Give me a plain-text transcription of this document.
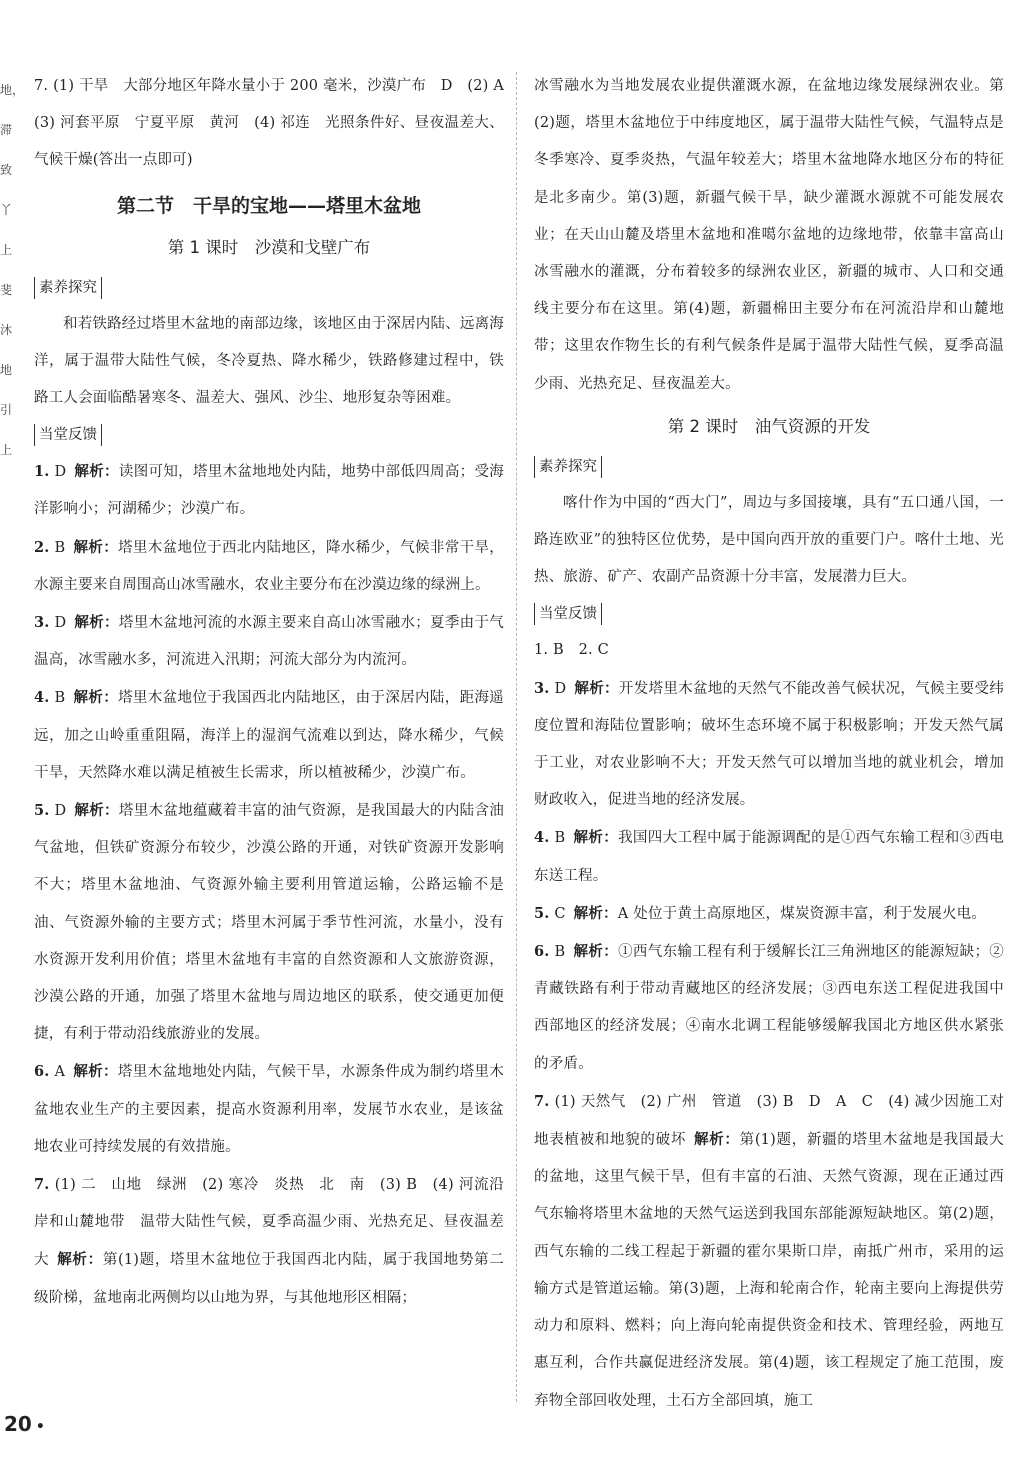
地，滞致丫上斐 沐地 引 上

7. (1) 干旱　大部分地区年降水量小于 200 毫米，沙漠广布　D　(2) A　(3) 河套平原　宁夏平原　黄河　(4) 祁连　光照条件好、昼夜温差大、气候干燥(答出一点即可)

第二节　干旱的宝地——塔里木盆地
第 1 课时　沙漠和戈壁广布
素养探究

和若铁路经过塔里木盆地的南部边缘，该地区由于深居内陆、远离海洋，属于温带大陆性气候，冬冷夏热、降水稀少，铁路修建过程中，铁路工人会面临酷暑寒冬、温差大、强风、沙尘、地形复杂等困难。

当堂反馈

1. D 解析：读图可知，塔里木盆地地处内陆，地势中部低四周高；受海洋影响小；河湖稀少；沙漠广布。

2. B 解析：塔里木盆地位于西北内陆地区，降水稀少，气候非常干旱，水源主要来自周围高山冰雪融水，农业主要分布在沙漠边缘的绿洲上。

3. D 解析：塔里木盆地河流的水源主要来自高山冰雪融水；夏季由于气温高，冰雪融水多，河流进入汛期；河流大部分为内流河。

4. B 解析：塔里木盆地位于我国西北内陆地区，由于深居内陆，距海遥远，加之山岭重重阻隔，海洋上的湿润气流难以到达，降水稀少，气候干旱，天然降水难以满足植被生长需求，所以植被稀少，沙漠广布。

5. D 解析：塔里木盆地蕴藏着丰富的油气资源，是我国最大的内陆含油气盆地，但铁矿资源分布较少，沙漠公路的开通，对铁矿资源开发影响不大；塔里木盆地油、气资源外输主要利用管道运输，公路运输不是油、气资源外输的主要方式；塔里木河属于季节性河流，水量小，没有水资源开发利用价值；塔里木盆地有丰富的自然资源和人文旅游资源，沙漠公路的开通，加强了塔里木盆地与周边地区的联系，使交通更加便捷，有利于带动沿线旅游业的发展。

6. A 解析：塔里木盆地地处内陆，气候干旱，水源条件成为制约塔里木盆地农业生产的主要因素，提高水资源利用率，发展节水农业，是该盆地农业可持续发展的有效措施。

7. (1) 二　山地　绿洲　(2) 寒冷　炎热　北　南　(3) B　(4) 河流沿岸和山麓地带　温带大陆性气候，夏季高温少雨、光热充足、昼夜温差大 解析：第(1)题，塔里木盆地位于我国西北内陆，属于我国地势第二级阶梯，盆地南北两侧均以山地为界，与其他地形区相隔；

冰雪融水为当地发展农业提供灌溉水源，在盆地边缘发展绿洲农业。第(2)题，塔里木盆地位于中纬度地区，属于温带大陆性气候，气温特点是冬季寒冷、夏季炎热，气温年较差大；塔里木盆地降水地区分布的特征是北多南少。第(3)题，新疆气候干旱，缺少灌溉水源就不可能发展农业；在天山山麓及塔里木盆地和准噶尔盆地的边缘地带，依靠丰富高山冰雪融水的灌溉，分布着较多的绿洲农业区，新疆的城市、人口和交通线主要分布在这里。第(4)题，新疆棉田主要分布在河流沿岸和山麓地带；这里农作物生长的有利气候条件是属于温带大陆性气候，夏季高温少雨、光热充足、昼夜温差大。

第 2 课时　油气资源的开发
素养探究

喀什作为中国的“西大门”，周边与多国接壤，具有“五口通八国，一路连欧亚”的独特区位优势，是中国向西开放的重要门户。喀什土地、光热、旅游、矿产、农副产品资源十分丰富，发展潜力巨大。

当堂反馈

1. B　2. C

3. D 解析：开发塔里木盆地的天然气不能改善气候状况，气候主要受纬度位置和海陆位置影响；破坏生态环境不属于积极影响；开发天然气属于工业，对农业影响不大；开发天然气可以增加当地的就业机会，增加财政收入，促进当地的经济发展。

4. B 解析：我国四大工程中属于能源调配的是①西气东输工程和③西电东送工程。

5. C 解析：A 处位于黄土高原地区，煤炭资源丰富，利于发展火电。

6. B 解析：①西气东输工程有利于缓解长江三角洲地区的能源短缺；②青藏铁路有利于带动青藏地区的经济发展；③西电东送工程促进我国中西部地区的经济发展；④南水北调工程能够缓解我国北方地区供水紧张的矛盾。

7. (1) 天然气　(2) 广州　管道　(3) B　D　A　C　(4) 减少因施工对地表植被和地貌的破坏 解析：第(1)题，新疆的塔里木盆地是我国最大的盆地，这里气候干旱，但有丰富的石油、天然气资源，现在正通过西气东输将塔里木盆地的天然气运送到我国东部能源短缺地区。第(2)题，西气东输的二线工程起于新疆的霍尔果斯口岸，南抵广州市，采用的运输方式是管道运输。第(3)题，上海和轮南合作，轮南主要向上海提供劳动力和原料、燃料；向上海向轮南提供资金和技术、管理经验，两地互惠互利，合作共赢促进经济发展。第(4)题，该工程规定了施工范围，废弃物全部回收处理，土石方全部回填，施工

20 •
